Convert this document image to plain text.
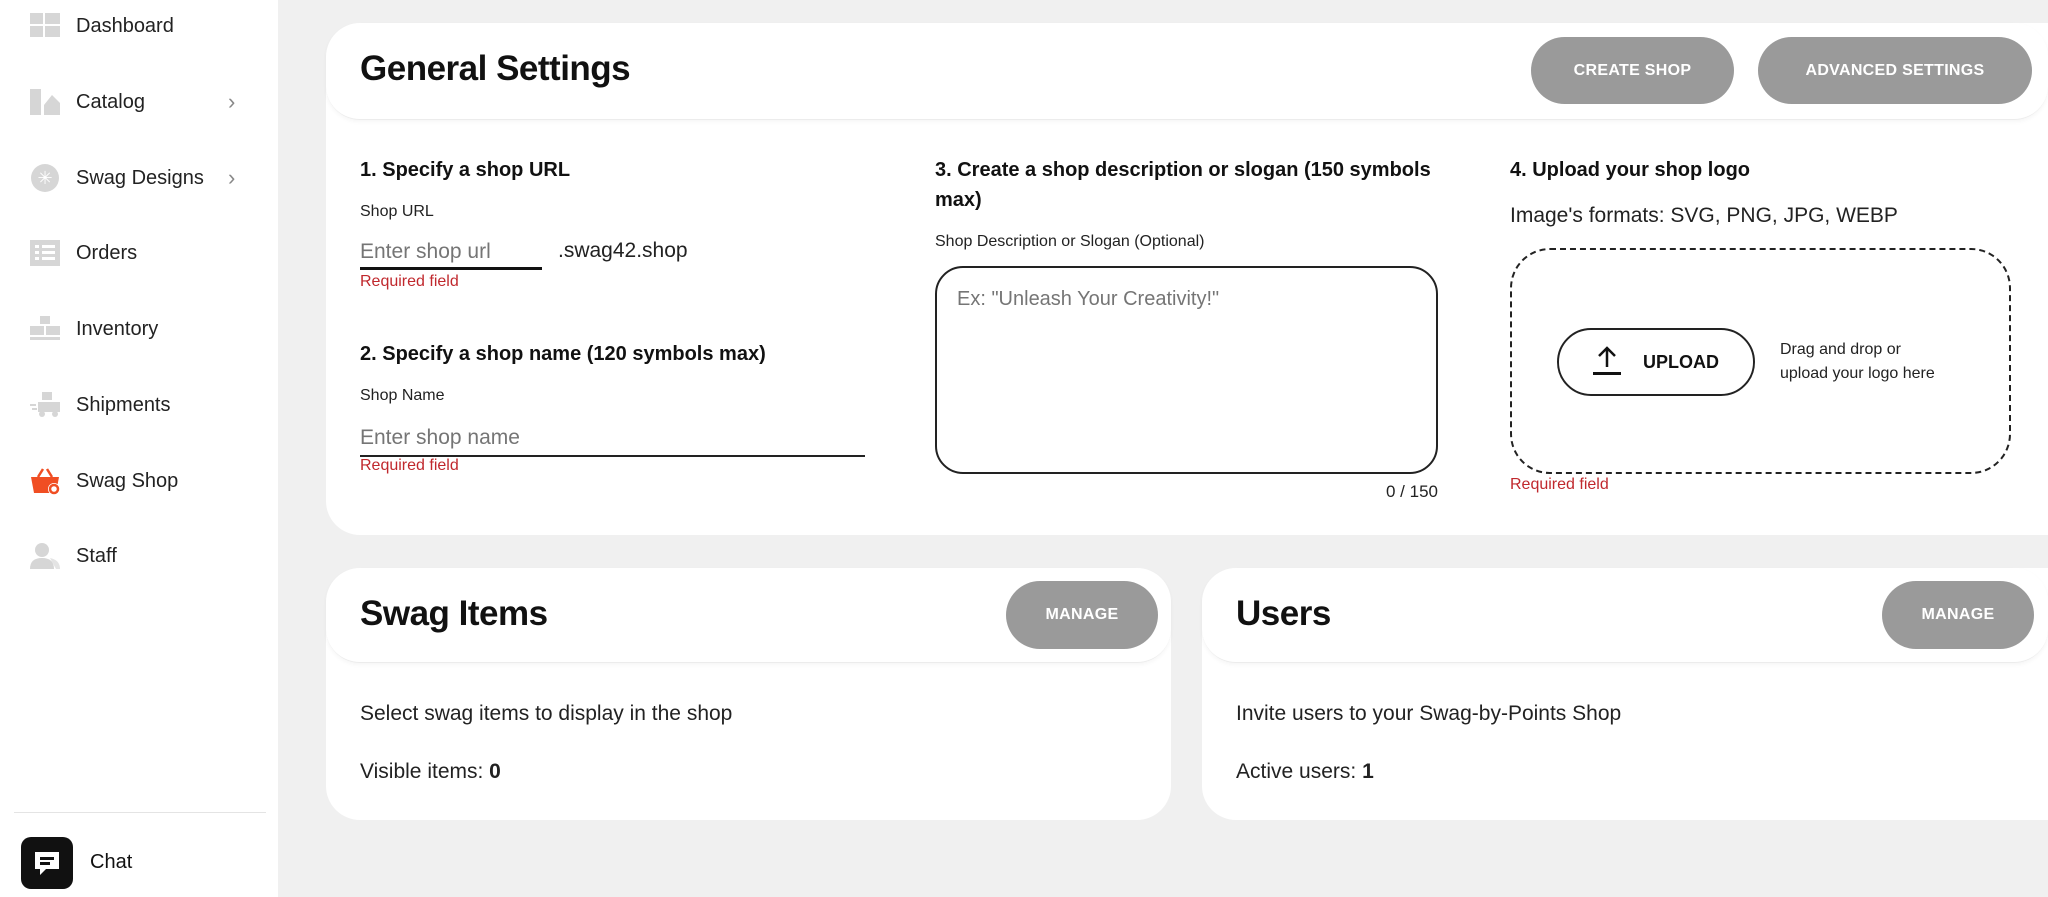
Dashboard
Catalog	›
✳ Swag Designs ›
Orders
Inventory
Shipments
Swag Shop
Staff
Chat
General Settings	CREATE SHOP	ADVANCED SETTINGS
1. Specify a shop URL
Shop URL
Enter shop url
.swag42.shop
Required field
2. Specify a shop name (120 symbols max)
Shop Name
Enter shop name
Required field
3. Create a shop description or slogan (150 symbols max)
Shop Description or Slogan (Optional)
Ex: "Unleash Your Creativity!"
0 / 150
4. Upload your shop logo
Image's formats: SVG, PNG, JPG, WEBP
UPLOAD
Drag and drop or
upload your logo here
Required field
Swag Items	MANAGE
Select swag items to display in the shop
Visible items: 0
Users	MANAGE
Invite users to your Swag-by-Points Shop
Active users: 1
